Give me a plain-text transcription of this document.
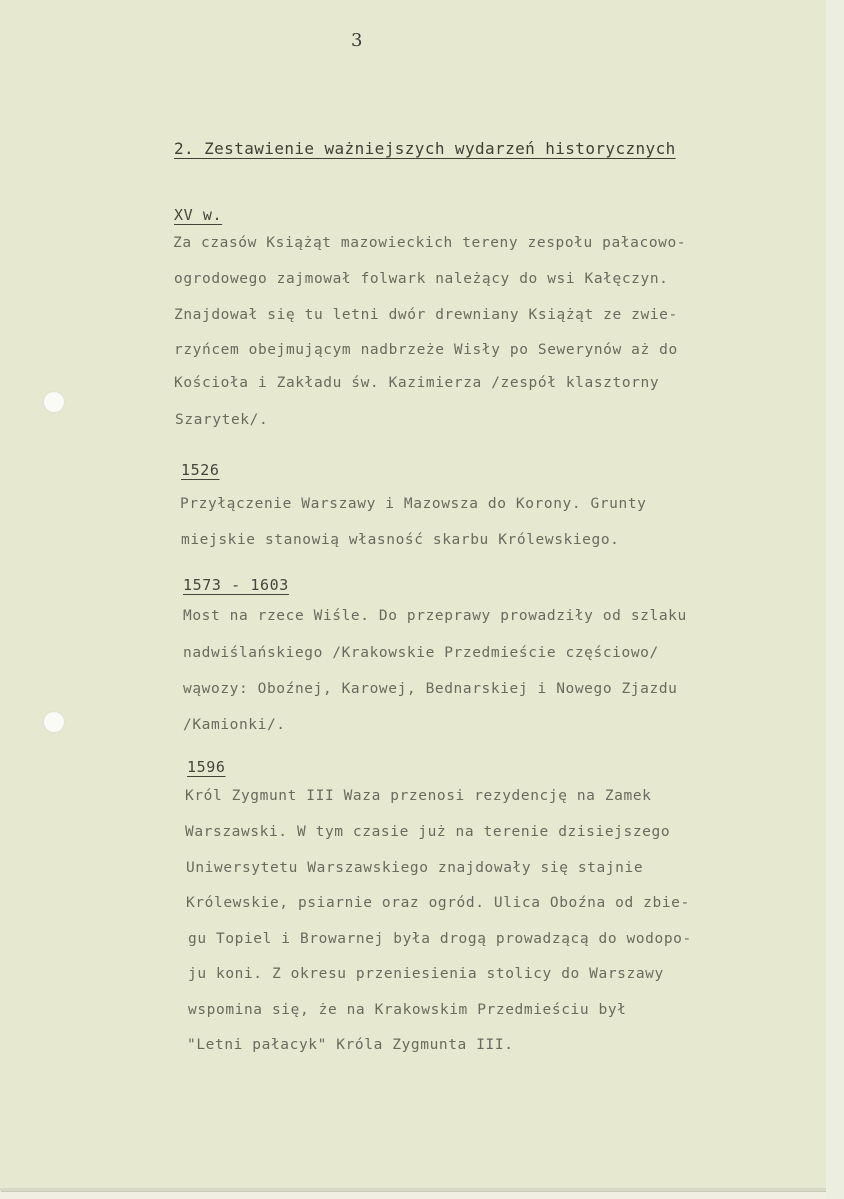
3
2. Zestawienie ważniejszych wydarzeń historycznych
XV w.
Za czasów Książąt mazowieckich tereny zespołu pałacowo-
ogrodowego zajmował folwark należący do wsi Kałęczyn.
Znajdował się tu letni dwór drewniany Książąt ze zwie-
rzyńcem obejmującym nadbrzeże Wisły po Sewerynów aż do
Kościoła i Zakładu św. Kazimierza /zespół klasztorny
Szarytek/.
1526
Przyłączenie Warszawy i Mazowsza do Korony. Grunty
miejskie stanowią własność skarbu Królewskiego.
1573 - 1603
Most na rzece Wiśle. Do przeprawy prowadziły od szlaku
nadwiślańskiego /Krakowskie Przedmieście częściowo/
wąwozy: Oboźnej, Karowej, Bednarskiej i Nowego Zjazdu
/Kamionki/.
1596
Król Zygmunt III Waza przenosi rezydencję na Zamek
Warszawski. W tym czasie już na terenie dzisiejszego
Uniwersytetu Warszawskiego znajdowały się stajnie
Królewskie, psiarnie oraz ogród. Ulica Oboźna od zbie-
gu Topiel i Browarnej była drogą prowadzącą do wodopo-
ju koni. Z okresu przeniesienia stolicy do Warszawy
wspomina się, że na Krakowskim Przedmieściu był
"Letni pałacyk" Króla Zygmunta III.
